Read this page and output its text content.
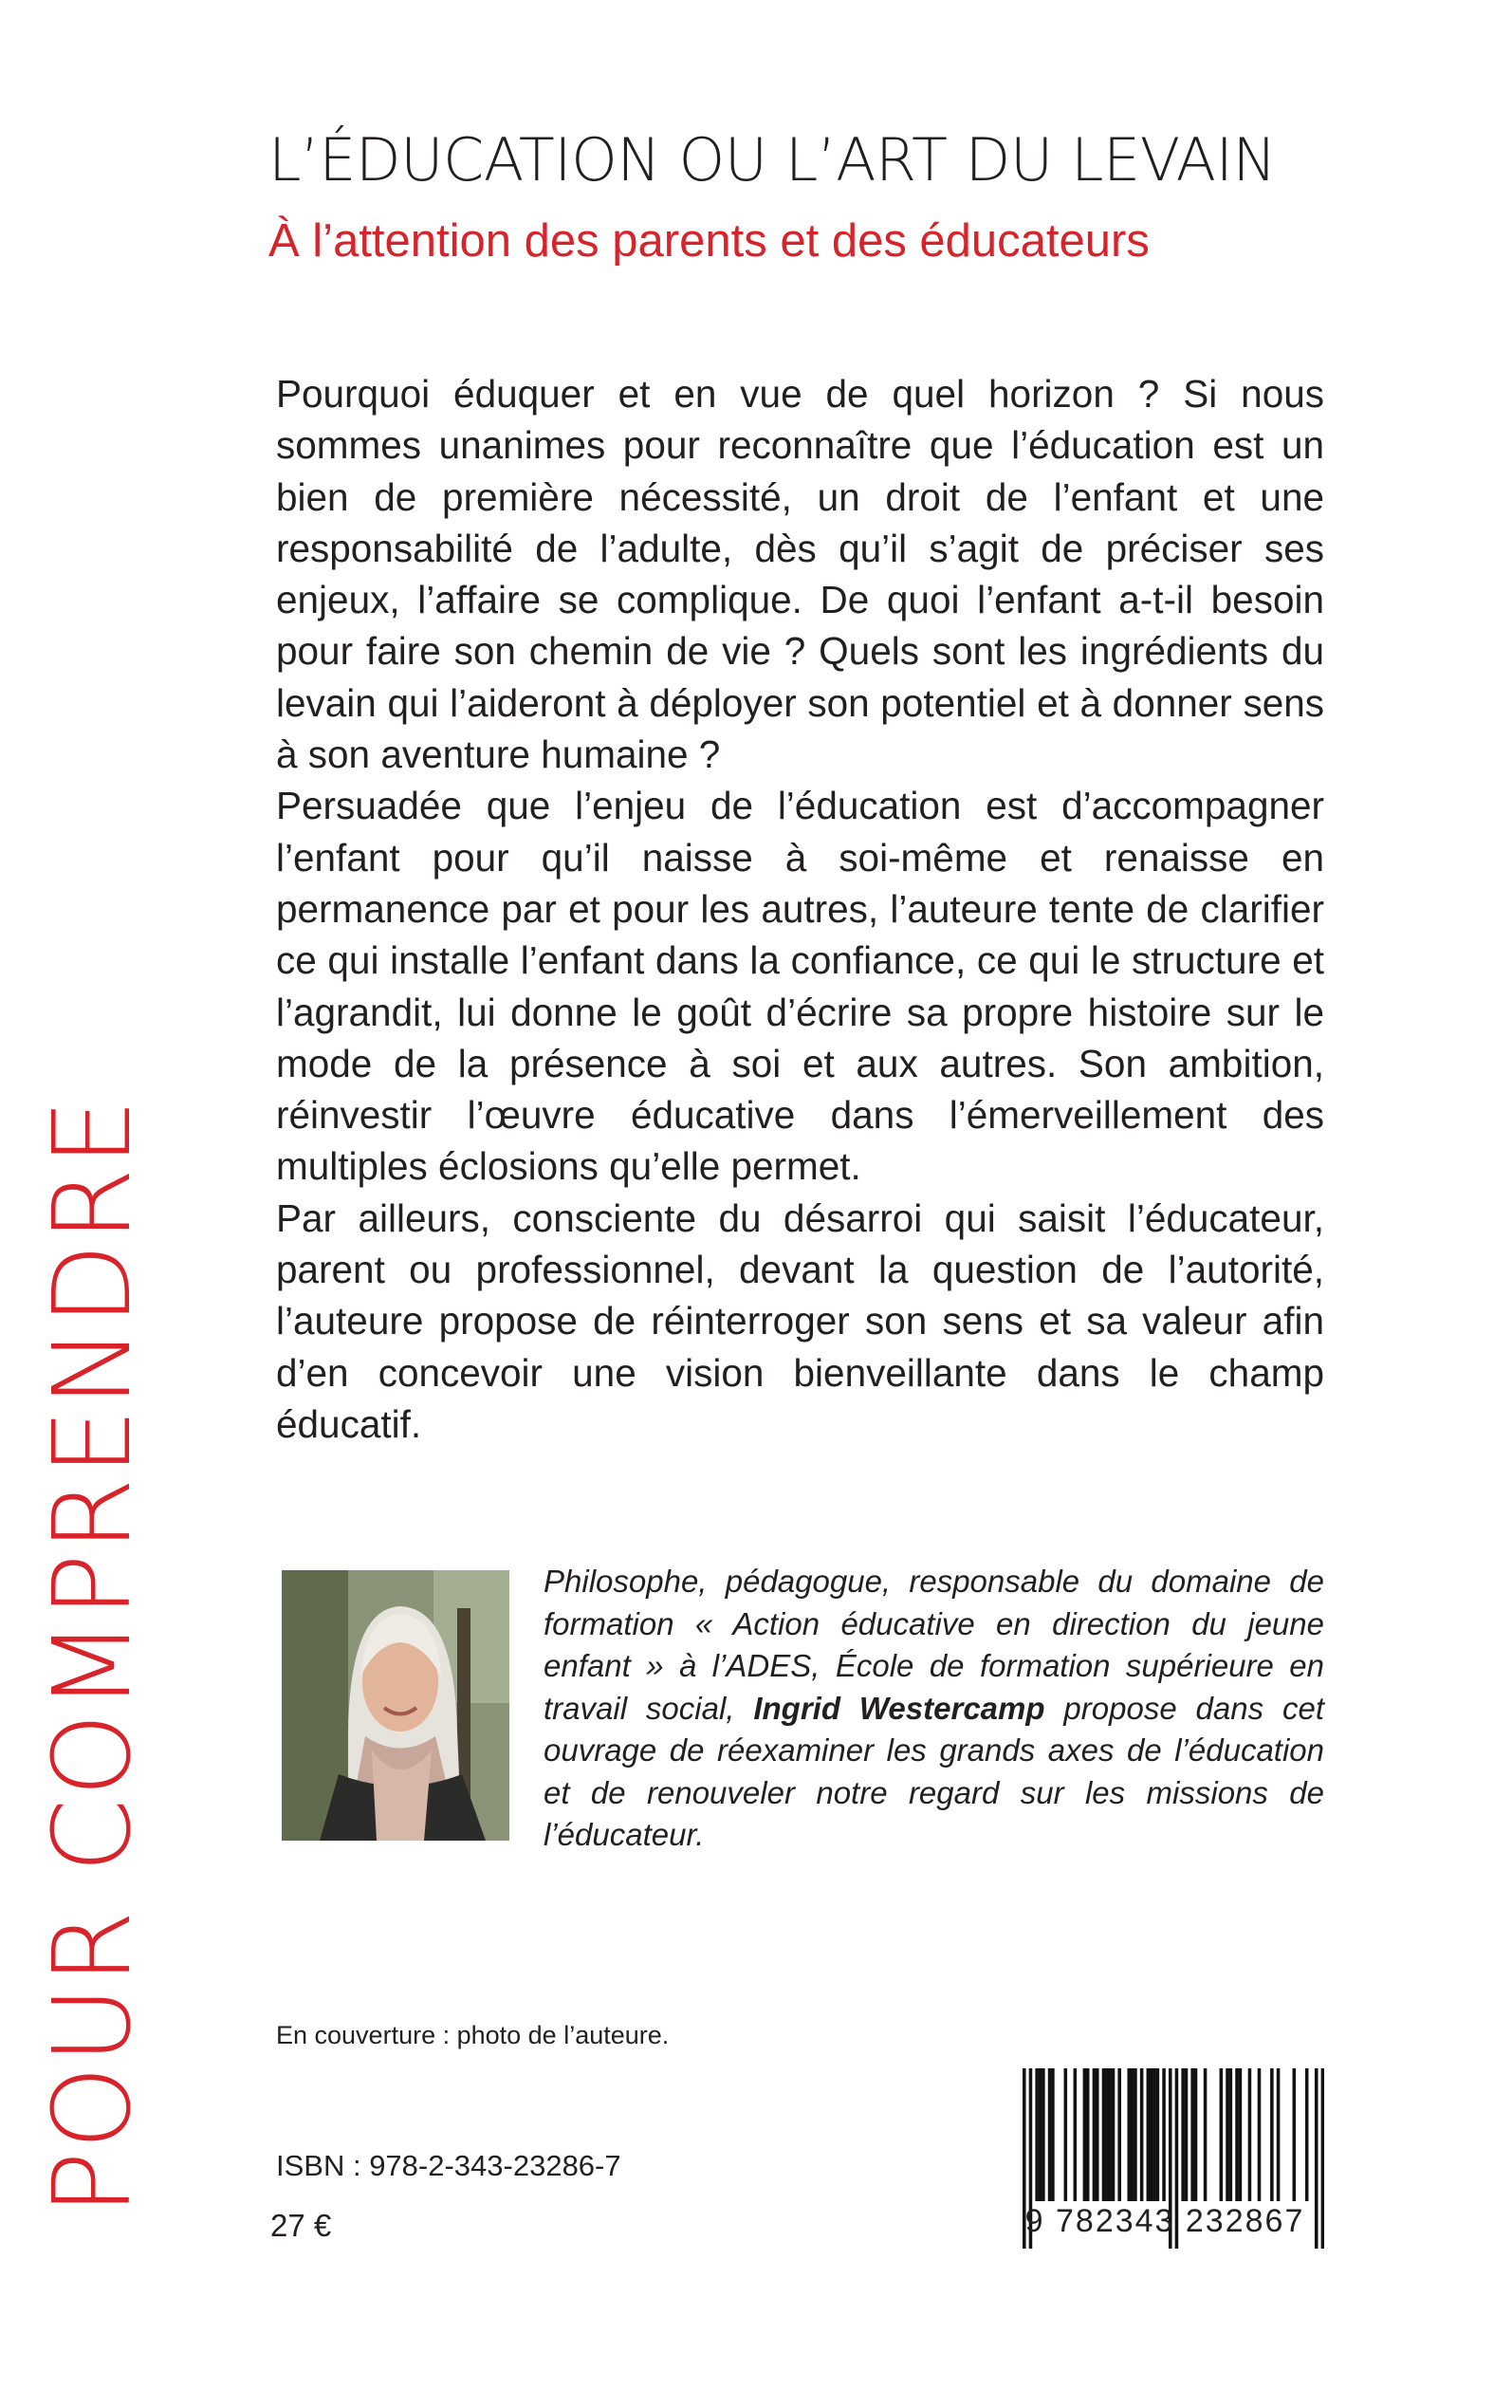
POUR COMPRENDRE
L’ÉDUCATION OU L’ART DU LEVAIN
À l’attention des parents et des éducateurs

Pourquoi éduquer et en vue de quel horizon ? Si nous sommes unanimes pour reconnaître que l’éducation est un bien de première nécessité, un droit de l’enfant et une responsabilité de l’adulte, dès qu’il s’agit de préciser ses enjeux, l’affaire se complique. De quoi l’enfant a-t-il besoin pour faire son chemin de vie ? Quels sont les ingrédients du levain qui l’aideront à déployer son potentiel et à donner sens à son aventure humaine ?

Persuadée que l’enjeu de l’éducation est d’accompagner l’enfant pour qu’il naisse à soi-même et renaisse en permanence par et pour les autres, l’auteure tente de clarifier ce qui installe l’enfant dans la confiance, ce qui le structure et l’agrandit, lui donne le goût d’écrire sa propre histoire sur le mode de la présence à soi et aux autres. Son ambition, réinvestir l’œuvre éducative dans l’émerveillement des multiples éclosions qu’elle permet.

Par ailleurs, consciente du désarroi qui saisit l’éducateur, parent ou professionnel, devant la question de l’autorité, l’auteure propose de réinterroger son sens et sa valeur afin d’en concevoir une vision bienveillante dans le champ éducatif.

Philosophe, pédagogue, responsable du domaine de formation « Action éducative en direction du jeune enfant » à l’ADES, École de formation supérieure en travail social, Ingrid Westercamp propose dans cet ouvrage de réexaminer les grands axes de l’éducation et de renouveler notre regard sur les missions de l’éducateur.
En couverture : photo de l’auteure.
ISBN : 978-2-343-23286-7
27 €	9 782343 232867
